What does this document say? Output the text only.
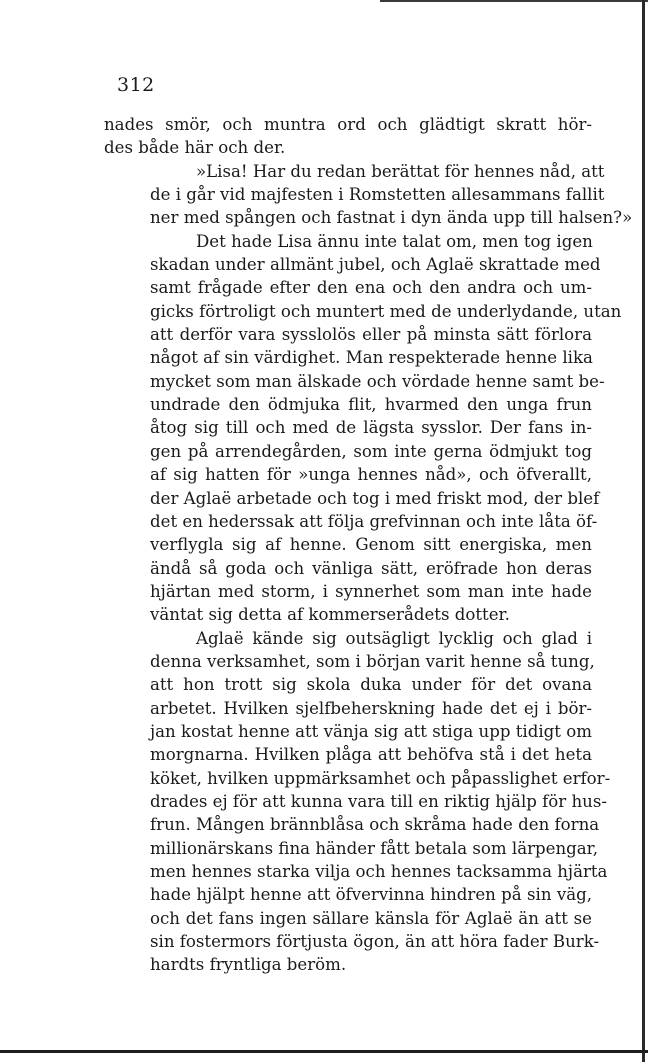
312

nades smör, och muntra ord och glädtigt skratt hör-
des både här och der.

»Lisa! Har du redan berättat för hennes nåd, att
de i går vid majfesten i Romstetten allesammans fallit
ner med spången och fastnat i dyn ända upp till halsen?»

Det hade Lisa ännu inte talat om, men tog igen
skadan under allmänt jubel, och Aglaë skrattade med
samt frågade efter den ena och den andra och um-
gicks förtroligt och muntert med de underlydande, utan
att derför vara sysslolös eller på minsta sätt förlora
något af sin värdighet. Man respekterade henne lika
mycket som man älskade och vördade henne samt be-
undrade den ödmjuka flit, hvarmed den unga frun
åtog sig till och med de lägsta sysslor. Der fans in-
gen på arrendegården, som inte gerna ödmjukt tog
af sig hatten för »unga hennes nåd», och öfverallt,
der Aglaë arbetade och tog i med friskt mod, der blef
det en hederssak att följa grefvinnan och inte låta öf-
verflygla sig af henne. Genom sitt energiska, men
ändå så goda och vänliga sätt, eröfrade hon deras
hjärtan med storm, i synnerhet som man inte hade
väntat sig detta af kommerserådets dotter.

Aglaë kände sig outsägligt lycklig och glad i
denna verksamhet, som i början varit henne så tung,
att hon trott sig skola duka under för det ovana
arbetet. Hvilken sjelfbeherskning hade det ej i bör-
jan kostat henne att vänja sig att stiga upp tidigt om
morgnarna. Hvilken plåga att behöfva stå i det heta
köket, hvilken uppmärksamhet och påpasslighet erfor-
drades ej för att kunna vara till en riktig hjälp för hus-
frun. Mången brännblåsa och skråma hade den forna
millionärskans fina händer fått betala som lärpengar,
men hennes starka vilja och hennes tacksamma hjärta
hade hjälpt henne att öfvervinna hindren på sin väg,
och det fans ingen sällare känsla för Aglaë än att se
sin fostermors förtjusta ögon, än att höra fader Burk-
hardts fryntliga beröm.
